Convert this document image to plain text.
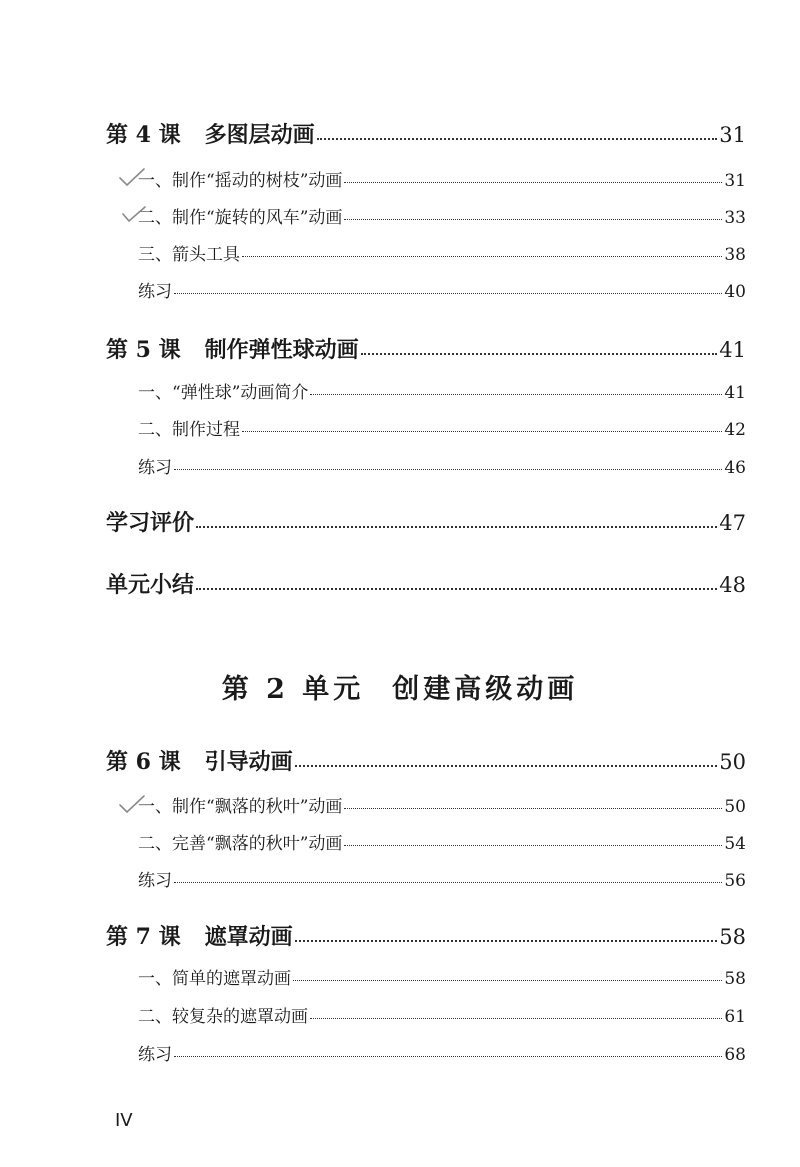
第 4 课 多图层动画	31
一、制作“摇动的树枝”动画	31
二、制作“旋转的风车”动画	33
三、箭头工具	38
练习	40
第 5 课 制作弹性球动画	41
一、“弹性球”动画简介	41
二、制作过程	42
练习	46
学习评价	47
单元小结	48
第 2 单元 创建高级动画
第 6 课 引导动画	50
一、制作“飘落的秋叶”动画	50
二、完善“飘落的秋叶”动画	54
练习	56
第 7 课 遮罩动画	58
一、简单的遮罩动画	58
二、较复杂的遮罩动画	61
练习	68
IV
